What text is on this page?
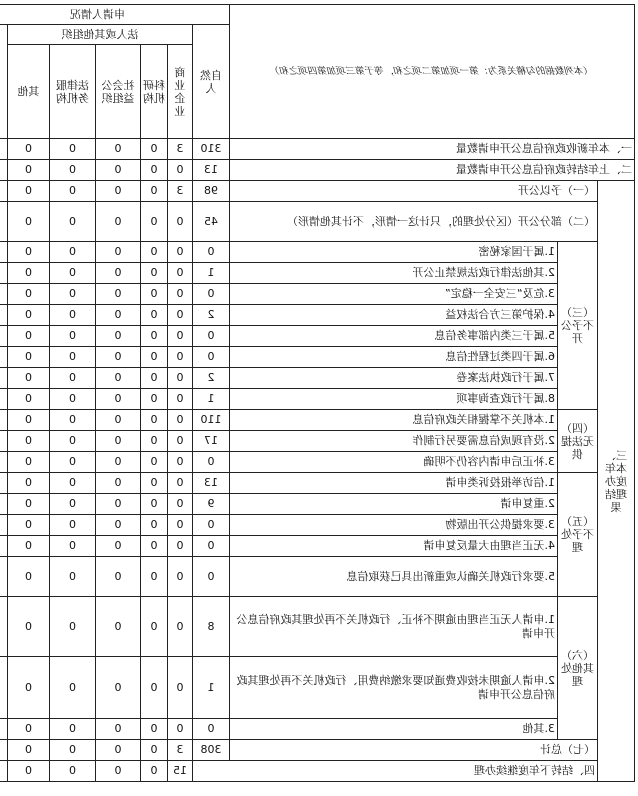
（本列数据的勾稽关系为：第一项加第二项之和，等于第三项加第四项之和）			申请人情况							
			自然人	法人或其他组织	
				商业企业	科研机构	社会公益组织	法律服务机构	其他		
一、本年新收政府信息公开申请数量			310	3	0	0	0	0	
二、上年结转政府信息公开申请数量			13	0	0	0	0	0	
三、本年度办理结果	（一）予以公开		98	3	0	0	0	0	
	（二）部分公开（区分处理的，只计这一情形，不计其他情形）		45	0	0	0	0	0	
	（三）不予公开	1.属于国家秘密	0	0	0	0	0	0	
		2.其他法律行政法规禁止公开	1	0	0	0	0	0	
		3.危及“三安全一稳定”	0	0	0	0	0	0	
		4.保护第三方合法权益	2	0	0	0	0	0	
		5.属于三类内部事务信息	0	0	0	0	0	0	
		6.属于四类过程性信息	0	0	0	0	0	0	
		7.属于行政执法案卷	2	0	0	0	0	0	
		8.属于行政查询事项	1	0	0	0	0	0	
	（四）无法提供	1.本机关不掌握相关政府信息	110	0	0	0	0	0	
		2.没有现成信息需要另行制作	17	0	0	0	0	0	
		3.补正后申请内容仍不明确	0	0	0	0	0	0	
	（五）不予处理	1.信访举报投诉类申请	13	0	0	0	0	0	
		2.重复申请	9	0	0	0	0	0	
		3.要求提供公开出版物	0	0	0	0	0	0	
		4.无正当理由大量反复申请	0	0	0	0	0	0	
		5.要求行政机关确认或重新出具已获取信息	0	0	0	0	0	0	
	（六）其他处理	1.申请人无正当理由逾期不补正、行政机关不再处理其政府信息公开申请	8	0	0	0	0	0	
		2.申请人逾期未按收费通知要求缴纳费用、行政机关不再处理其政府信息公开申请	1	0	0	0	0	0	
		3.其他	0	0	0	0	0	0	
	（七）总计		308	3	0	0	0	0	
	四、结转下年度继续办理			15	0	0	0	0		
